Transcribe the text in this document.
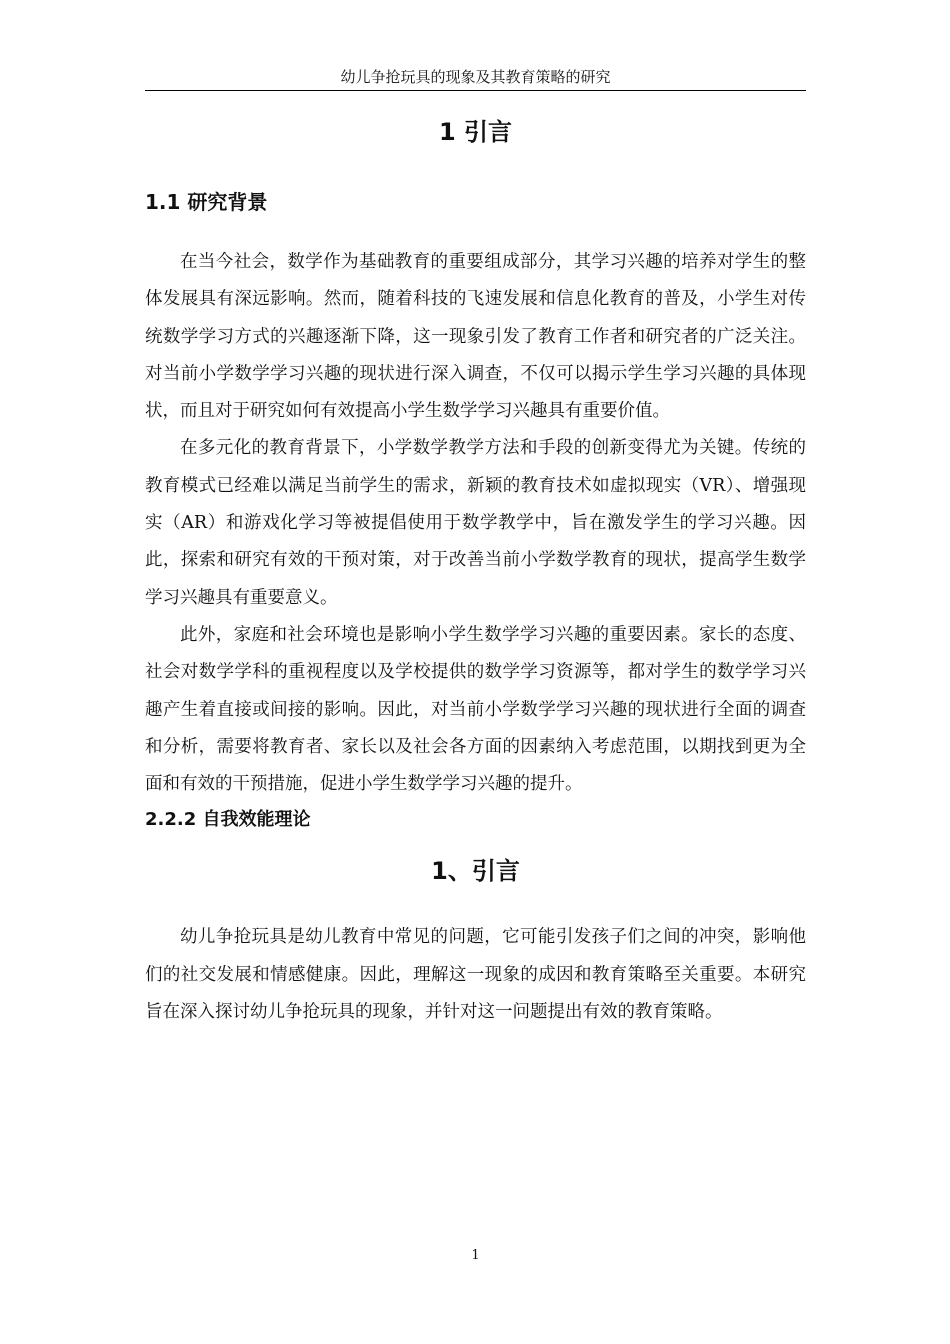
幼儿争抢玩具的现象及其教育策略的研究
1 引言
1.1 研究背景

在当今社会，数学作为基础教育的重要组成部分，其学习兴趣的培养对学生的整体发展具有深远影响。然而，随着科技的飞速发展和信息化教育的普及，小学生对传统数学学习方式的兴趣逐渐下降，这一现象引发了教育工作者和研究者的广泛关注。对当前小学数学学习兴趣的现状进行深入调查，不仅可以揭示学生学习兴趣的具体现状，而且对于研究如何有效提高小学生数学学习兴趣具有重要价值。

在多元化的教育背景下，小学数学教学方法和手段的创新变得尤为关键。传统的教育模式已经难以满足当前学生的需求，新颖的教育技术如虚拟现实（VR）、增强现实（AR）和游戏化学习等被提倡使用于数学教学中，旨在激发学生的学习兴趣。因此，探索和研究有效的干预对策，对于改善当前小学数学教育的现状，提高学生数学学习兴趣具有重要意义。

此外，家庭和社会环境也是影响小学生数学学习兴趣的重要因素。家长的态度、社会对数学学科的重视程度以及学校提供的数学学习资源等，都对学生的数学学习兴趣产生着直接或间接的影响。因此，对当前小学数学学习兴趣的现状进行全面的调查和分析，需要将教育者、家长以及社会各方面的因素纳入考虑范围，以期找到更为全面和有效的干预措施，促进小学生数学学习兴趣的提升。

2.2.2 自我效能理论
1、引言

幼儿争抢玩具是幼儿教育中常见的问题，它可能引发孩子们之间的冲突，影响他们的社交发展和情感健康。因此，理解这一现象的成因和教育策略至关重要。本研究旨在深入探讨幼儿争抢玩具的现象，并针对这一问题提出有效的教育策略。

1
